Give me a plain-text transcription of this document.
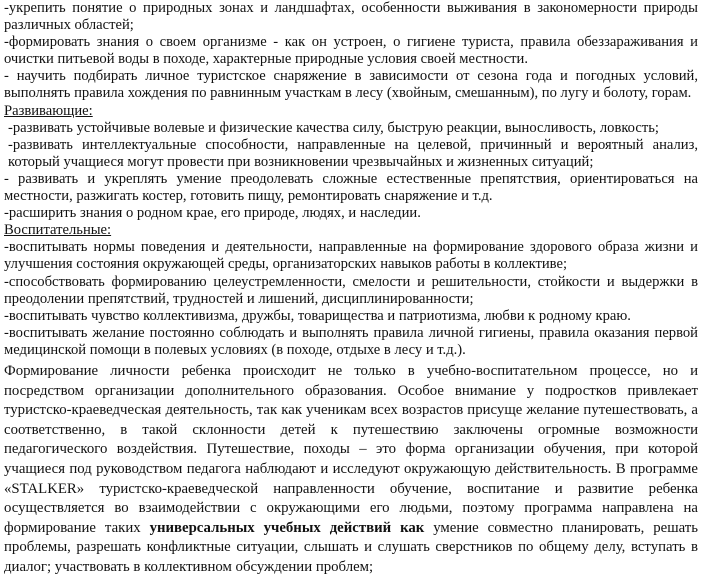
-укрепить понятие о природных зонах и ландшафтах, особенности выживания в закономерности природы различных областей;

-формировать знания о своем организме - как он устроен, о гигиене туриста, правила обеззараживания и очистки питьевой воды в походе, характерные природные условия своей местности.

- научить подбирать личное туристское снаряжение в зависимости от сезона года и погодных условий, выполнять правила хождения по равнинным участкам в лесу (хвойным, смешанным), по лугу и болоту, горам.

Развивающие:

-развивать устойчивые волевые и физические качества силу, быструю реакции, выносливость, ловкость;

-развивать интеллектуальные способности, направленные на целевой, причинный и вероятный анализ, который учащиеся могут провести при возникновении чрезвычайных и жизненных ситуаций;

- развивать и укреплять умение преодолевать сложные естественные препятствия, ориентироваться на местности, разжигать костер, готовить пищу, ремонтировать снаряжение и т.д.

-расширить знания о родном крае, его природе, людях, и наследии.

Воспитательные:

-воспитывать нормы поведения и деятельности, направленные на формирование здорового образа жизни и улучшения состояния окружающей среды, организаторских навыков работы в коллективе;

-способствовать формированию целеустремленности, смелости и решительности, стойкости и выдержки в преодолении препятствий, трудностей и лишений, дисциплинированности;

-воспитывать чувство коллективизма, дружбы, товарищества и патриотизма, любви к родному краю.

-воспитывать желание постоянно соблюдать и выполнять правила личной гигиены, правила оказания первой медицинской помощи в полевых условиях (в походе, отдыхе в лесу и т.д.).

Формирование личности ребенка происходит не только в учебно-воспитательном процессе, но и посредством организации дополнительного образования. Особое внимание у подростков привлекает туристско-краеведческая деятельность, так как ученикам всех возрастов присуще желание путешествовать, а соответственно, в такой склонности детей к путешествию заключены огромные возможности педагогического воздействия. Путешествие, походы – это форма организации обучения, при которой учащиеся под руководством педагога наблюдают и исследуют окружающую действительность. В программе «STALKER» туристско-краеведческой направленности обучение, воспитание и развитие ребенка осуществляется во взаимодействии с окружающими его людьми, поэтому программа направлена на формирование таких универсальных учебных действий как умение совместно планировать, решать проблемы, разрешать конфликтные ситуации, слышать и слушать сверстников по общему делу, вступать в диалог; участвовать в коллективном обсуждении проблем;
